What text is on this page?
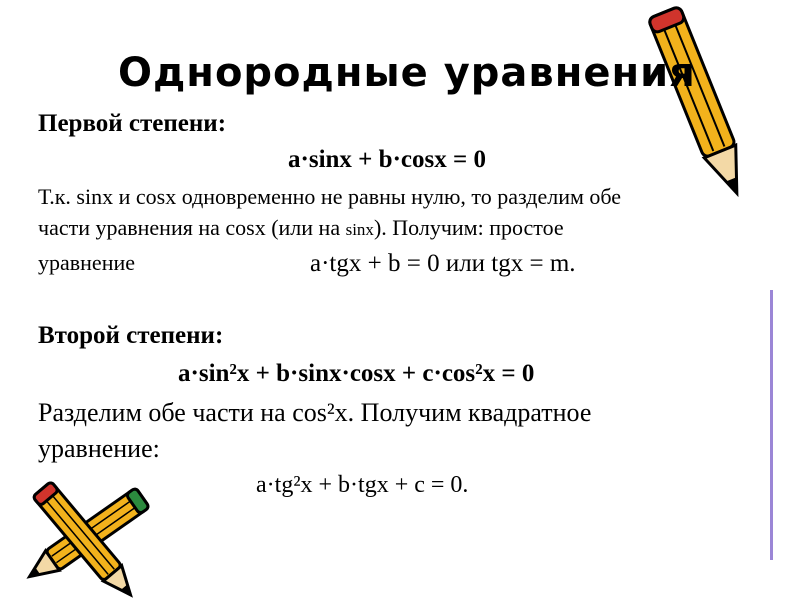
Однородные уравнения
Первой степени:
a·sinx + b·cosx = 0
Т.к. sinx и cosx одновременно не равны нулю, то разделим обе
части уравнения на cosx (или на sinx). Получим: простое
уравнение	a·tgx + b = 0 или tgx = m.
Второй степени:
a·sin²x + b·sinx·cosx + c·cos²x = 0
Разделим обе части на cos²x. Получим квадратное
уравнение:
a·tg²x + b·tgx + c = 0.
